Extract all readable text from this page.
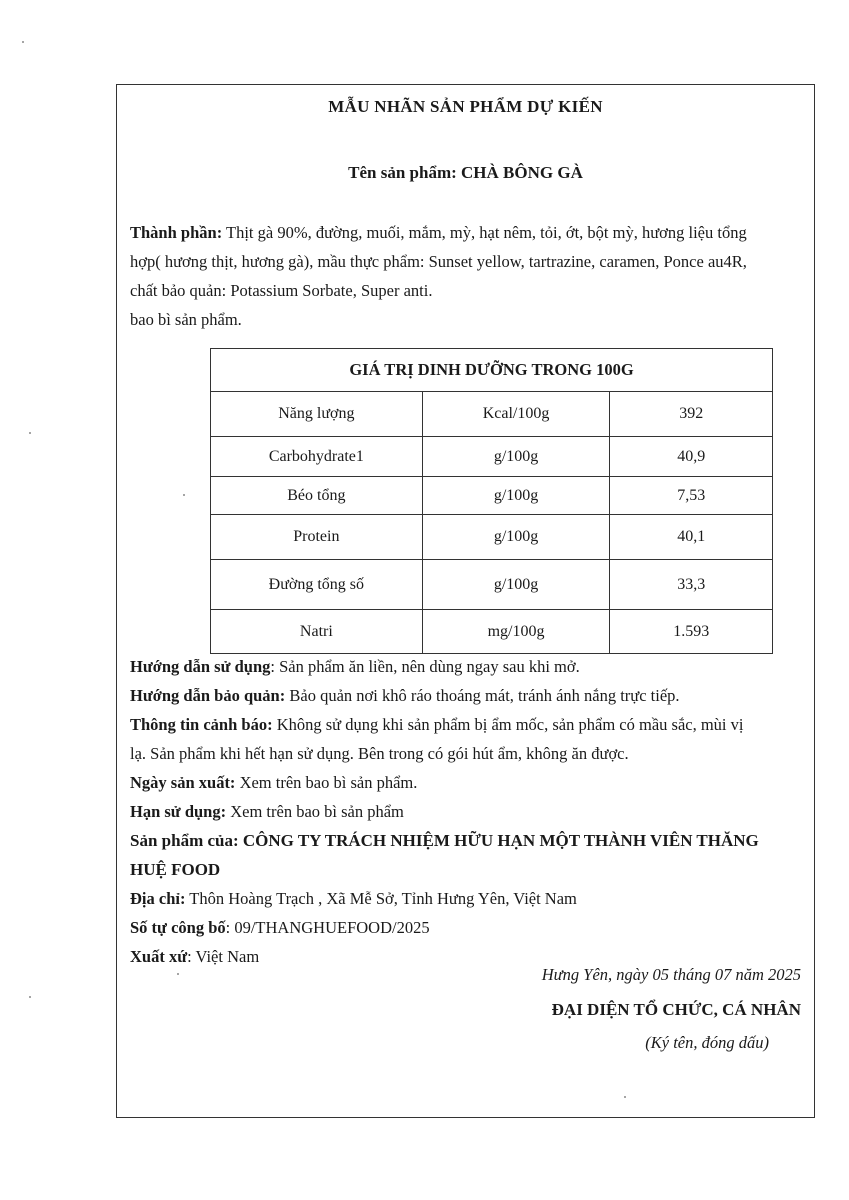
MẪU NHÃN SẢN PHẨM DỰ KIẾN
Tên sản phẩm: CHÀ BÔNG GÀ
Thành phần: Thịt gà 90%, đường, muối, mắm, mỳ, hạt nêm, tỏi, ớt, bột mỳ, hương liệu tổng
hợp( hương thịt, hương gà), mầu thực phẩm: Sunset yellow, tartrazine, caramen, Ponce au4R,
chất bảo quản: Potassium Sorbate, Super anti.
bao bì sản phẩm.
GIÁ TRỊ DINH DƯỠNG TRONG 100G		
Năng lượng	Kcal/100g	392
Carbohydrate1	g/100g	40,9
Béo tổng	g/100g	7,53
Protein	g/100g	40,1
Đường tổng số	g/100g	33,3
Natri	mg/100g	1.593
Hướng dẫn sử dụng: Sản phẩm ăn liền, nên dùng ngay sau khi mở.
Hướng dẫn bảo quản: Bảo quản nơi khô ráo thoáng mát, tránh ánh nắng trực tiếp.
Thông tin cảnh báo: Không sử dụng khi sản phẩm bị ẩm mốc, sản phẩm có mầu sắc, mùi vị
lạ. Sản phẩm khi hết hạn sử dụng. Bên trong có gói hút ẩm, không ăn được.
Ngày sản xuất: Xem trên bao bì sản phẩm.
Hạn sử dụng: Xem trên bao bì sản phẩm
Sản phẩm của: CÔNG TY TRÁCH NHIỆM HỮU HẠN MỘT THÀNH VIÊN THĂNG
HUỆ FOOD
Địa chỉ: Thôn Hoàng Trạch , Xã Mễ Sở, Tỉnh Hưng Yên, Việt Nam
Số tự công bố: 09/THANGHUEFOOD/2025
Xuất xứ: Việt Nam
Hưng Yên, ngày 05 tháng 07 năm 2025
ĐẠI DIỆN TỔ CHỨC, CÁ NHÂN
(Ký tên, đóng dấu)
